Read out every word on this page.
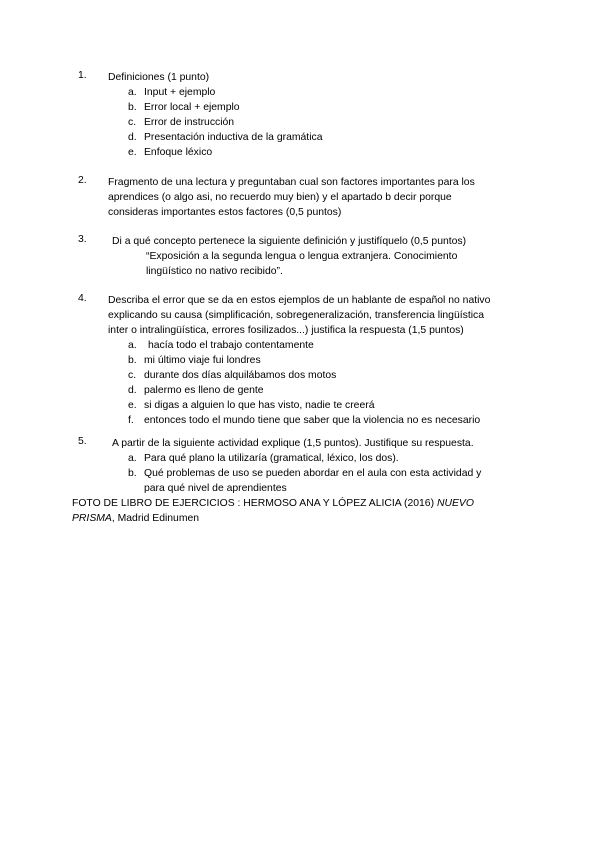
1.	Definiciones (1 punto)
a. Input + ejemplo
b. Error local + ejemplo
c. Error de instrucción
d. Presentación inductiva de la gramática
e. Enfoque léxico
2.	Fragmento de una lectura y preguntaban cual son factores importantes para los
aprendices (o algo asi, no recuerdo muy bien) y el apartado b decir porque
consideras importantes estos factores (0,5 puntos)
3.	Di a qué concepto pertenece la siguiente definición y justifíquelo (0,5 puntos)
“Exposición a la segunda lengua o lengua extranjera. Conocimiento
lingüístico no nativo recibido”.
4.	Describa el error que se da en estos ejemplos de un hablante de español no nativo
explicando su causa (simplificación, sobregeneralización, transferencia lingüística
inter o intralingüística, errores fosilizados...) justifica la respuesta (1,5 puntos)
a. hacía todo el trabajo contentamente
b. mi último viaje fui londres
c. durante dos días alquilábamos dos motos
d. palermo es lleno de gente
e. si digas a alguien lo que has visto, nadie te creerá
f. entonces todo el mundo tiene que saber que la violencia no es necesario
5.	A partir de la siguiente actividad explique (1,5 puntos). Justifique su respuesta.
a. Para qué plano la utilizaría (gramatical, léxico, los dos).
b. Qué problemas de uso se pueden abordar en el aula con esta actividad y
para qué nivel de aprendientes
FOTO DE LIBRO DE EJERCICIOS : HERMOSO ANA Y LÓPEZ ALICIA (2016) NUEVO
PRISMA, Madrid Edinumen
